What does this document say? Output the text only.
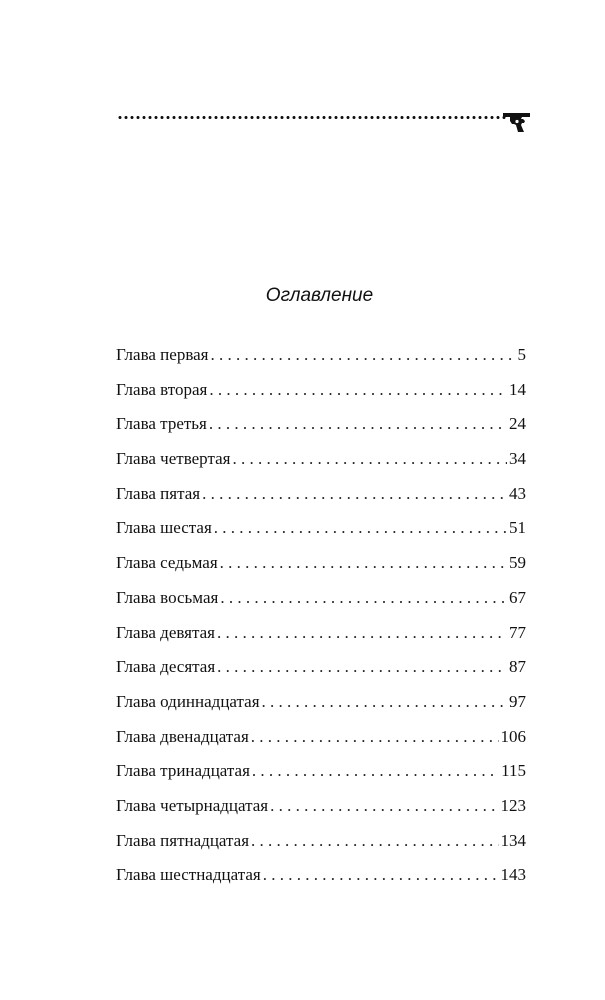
Оглавление
Глава первая . . .	5
Глава вторая . . .	14
Глава третья . . .	24
Глава четвертая . . .	34
Глава пятая . . .	43
Глава шестая . . .	51
Глава седьмая . . .	59
Глава восьмая . . .	67
Глава девятая . . .	77
Глава десятая . . .	87
Глава одиннадцатая . . .	97
Глава двенадцатая . . .	106
Глава тринадцатая . . .	115
Глава четырнадцатая . . .	123
Глава пятнадцатая . . .	134
Глава шестнадцатая . . .	143
